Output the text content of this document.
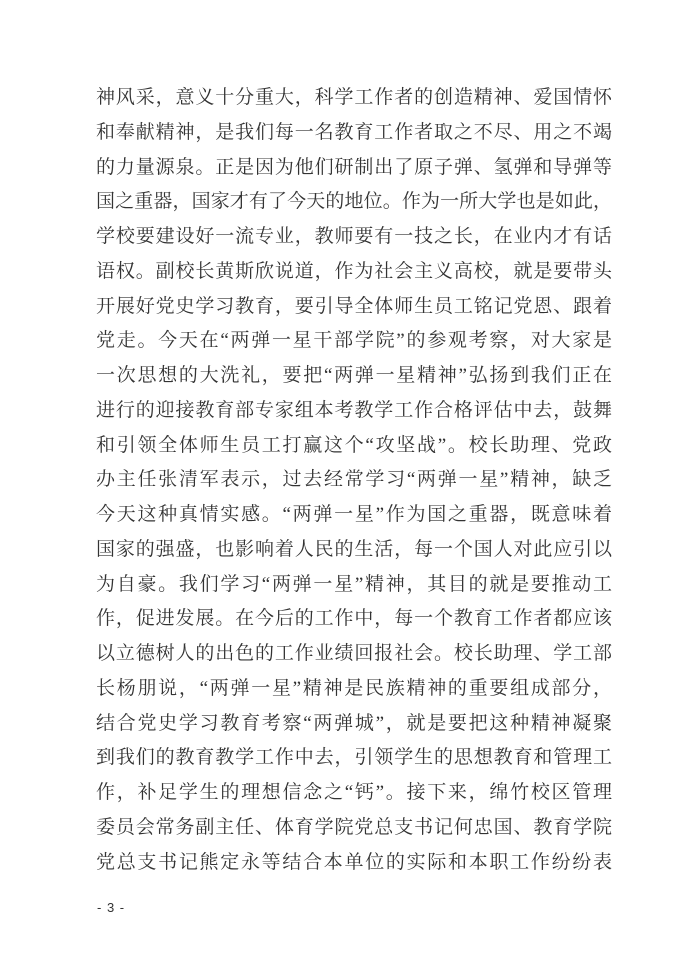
神风采，意义十分重大，科学工作者的创造精神、爱国情怀
和奉献精神，是我们每一名教育工作者取之不尽、用之不竭
的力量源泉。正是因为他们研制出了原子弹、氢弹和导弹等
国之重器，国家才有了今天的地位。作为一所大学也是如此，
学校要建设好一流专业，教师要有一技之长，在业内才有话
语权。副校长黄斯欣说道，作为社会主义高校，就是要带头
开展好党史学习教育，要引导全体师生员工铭记党恩、跟着
党走。今天在“两弹一星干部学院”的参观考察，对大家是
一次思想的大洗礼，要把“两弹一星精神”弘扬到我们正在
进行的迎接教育部专家组本考教学工作合格评估中去，鼓舞
和引领全体师生员工打赢这个“攻坚战”。校长助理、党政
办主任张清军表示，过去经常学习“两弹一星”精神，缺乏
今天这种真情实感。“两弹一星”作为国之重器，既意味着
国家的强盛，也影响着人民的生活，每一个国人对此应引以
为自豪。我们学习“两弹一星”精神，其目的就是要推动工
作，促进发展。在今后的工作中，每一个教育工作者都应该
以立德树人的出色的工作业绩回报社会。校长助理、学工部
长杨朋说，“两弹一星”精神是民族精神的重要组成部分，
结合党史学习教育考察“两弹城”，就是要把这种精神凝聚
到我们的教育教学工作中去，引领学生的思想教育和管理工
作，补足学生的理想信念之“钙”。接下来，绵竹校区管理
委员会常务副主任、体育学院党总支书记何忠国、教育学院
党总支书记熊定永等结合本单位的实际和本职工作纷纷表
- 3 -
